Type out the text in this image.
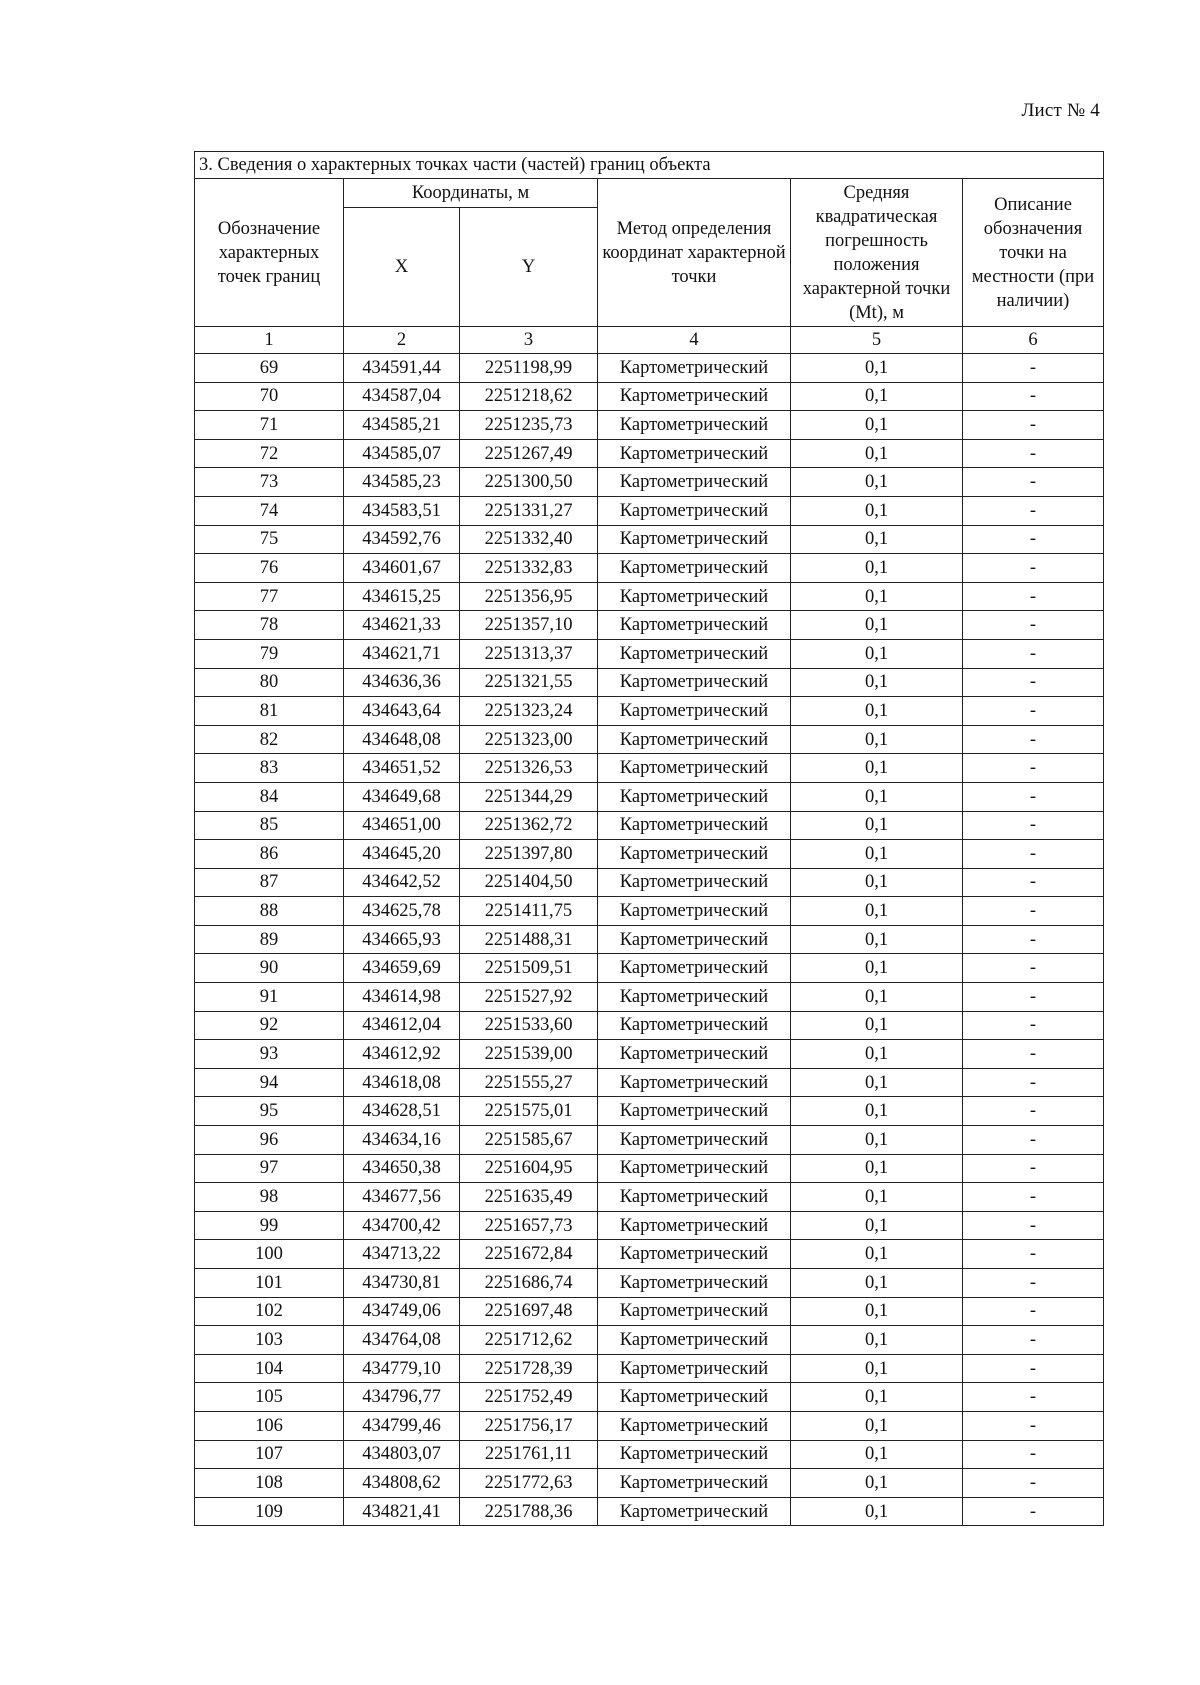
Лист № 4
3. Сведения о характерных точках части (частей) границ объекта					
Обозначение характерных точек границ	Координаты, м		Метод определения координат характерной точки	Средняя квадратическая погрешность положения характерной точки (Mt), м	Описание обозначения точки на местности (при наличии)
	X	Y			
1	2	3	4	5	6
69	434591,44	2251198,99	Картометрический	0,1	-
70	434587,04	2251218,62	Картометрический	0,1	-
71	434585,21	2251235,73	Картометрический	0,1	-
72	434585,07	2251267,49	Картометрический	0,1	-
73	434585,23	2251300,50	Картометрический	0,1	-
74	434583,51	2251331,27	Картометрический	0,1	-
75	434592,76	2251332,40	Картометрический	0,1	-
76	434601,67	2251332,83	Картометрический	0,1	-
77	434615,25	2251356,95	Картометрический	0,1	-
78	434621,33	2251357,10	Картометрический	0,1	-
79	434621,71	2251313,37	Картометрический	0,1	-
80	434636,36	2251321,55	Картометрический	0,1	-
81	434643,64	2251323,24	Картометрический	0,1	-
82	434648,08	2251323,00	Картометрический	0,1	-
83	434651,52	2251326,53	Картометрический	0,1	-
84	434649,68	2251344,29	Картометрический	0,1	-
85	434651,00	2251362,72	Картометрический	0,1	-
86	434645,20	2251397,80	Картометрический	0,1	-
87	434642,52	2251404,50	Картометрический	0,1	-
88	434625,78	2251411,75	Картометрический	0,1	-
89	434665,93	2251488,31	Картометрический	0,1	-
90	434659,69	2251509,51	Картометрический	0,1	-
91	434614,98	2251527,92	Картометрический	0,1	-
92	434612,04	2251533,60	Картометрический	0,1	-
93	434612,92	2251539,00	Картометрический	0,1	-
94	434618,08	2251555,27	Картометрический	0,1	-
95	434628,51	2251575,01	Картометрический	0,1	-
96	434634,16	2251585,67	Картометрический	0,1	-
97	434650,38	2251604,95	Картометрический	0,1	-
98	434677,56	2251635,49	Картометрический	0,1	-
99	434700,42	2251657,73	Картометрический	0,1	-
100	434713,22	2251672,84	Картометрический	0,1	-
101	434730,81	2251686,74	Картометрический	0,1	-
102	434749,06	2251697,48	Картометрический	0,1	-
103	434764,08	2251712,62	Картометрический	0,1	-
104	434779,10	2251728,39	Картометрический	0,1	-
105	434796,77	2251752,49	Картометрический	0,1	-
106	434799,46	2251756,17	Картометрический	0,1	-
107	434803,07	2251761,11	Картометрический	0,1	-
108	434808,62	2251772,63	Картометрический	0,1	-
109	434821,41	2251788,36	Картометрический	0,1	-
